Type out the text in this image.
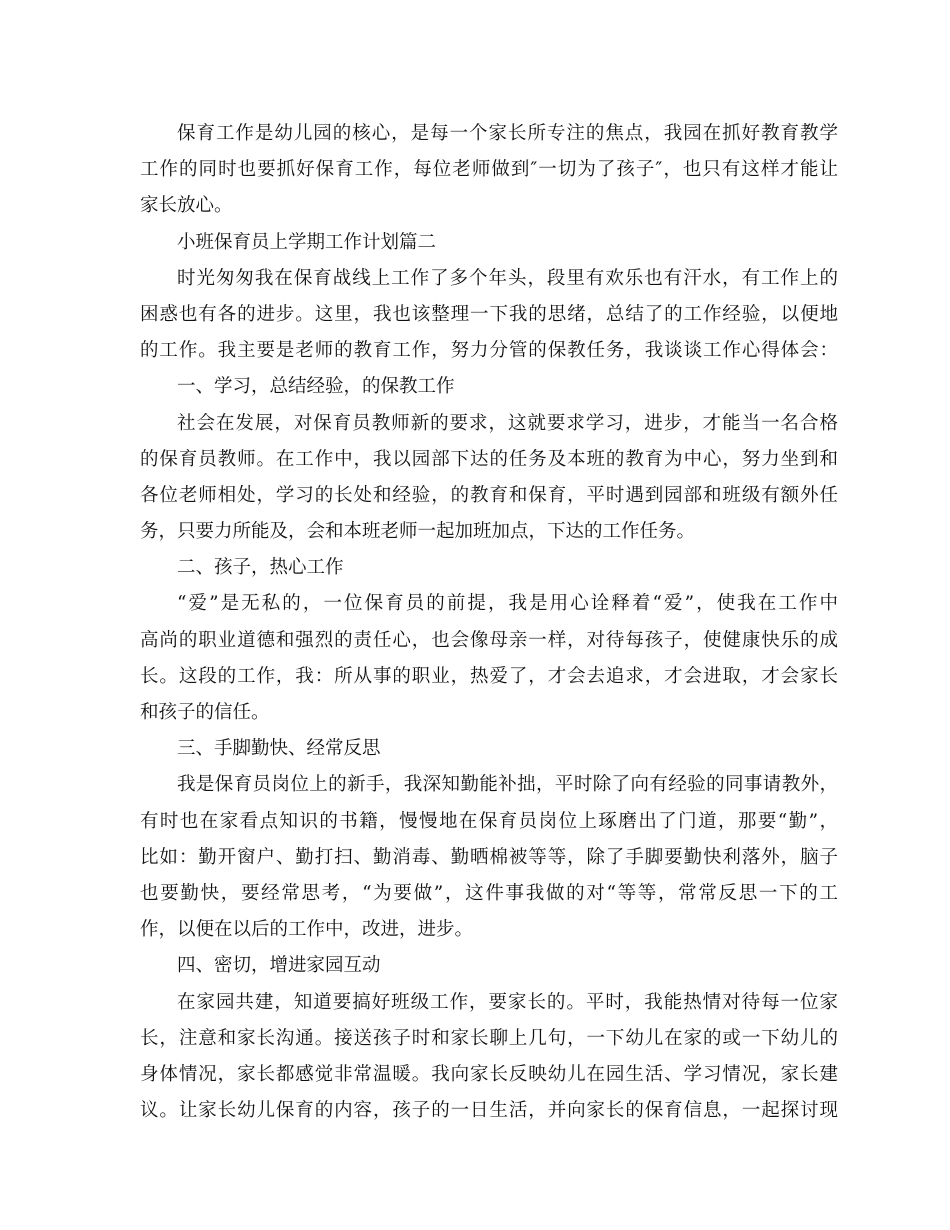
保育工作是幼儿园的核心，是每一个家长所专注的焦点，我园在抓好教育教学
工作的同时也要抓好保育工作，每位老师做到″一切为了孩子″，也只有这样才能让
家长放心。
小班保育员上学期工作计划篇二
时光匆匆我在保育战线上工作了多个年头，段里有欢乐也有汗水，有工作上的
困惑也有各的进步。这里，我也该整理一下我的思绪，总结了的工作经验，以便地
的工作。我主要是老师的教育工作，努力分管的保教任务，我谈谈工作心得体会：
一、学习，总结经验，的保教工作
社会在发展，对保育员教师新的要求，这就要求学习，进步，才能当一名合格
的保育员教师。在工作中，我以园部下达的任务及本班的教育为中心，努力坐到和
各位老师相处，学习的长处和经验，的教育和保育，平时遇到园部和班级有额外任
务，只要力所能及，会和本班老师一起加班加点，下达的工作任务。
二、孩子，热心工作
“爱”是无私的，一位保育员的前提，我是用心诠释着“爱”，使我在工作中
高尚的职业道德和强烈的责任心，也会像母亲一样，对待每孩子，使健康快乐的成
长。这段的工作，我：所从事的职业，热爱了，才会去追求，才会进取，才会家长
和孩子的信任。
三、手脚勤快、经常反思
我是保育员岗位上的新手，我深知勤能补拙，平时除了向有经验的同事请教外，
有时也在家看点知识的书籍，慢慢地在保育员岗位上琢磨出了门道，那要“勤”，
比如：勤开窗户、勤打扫、勤消毒、勤晒棉被等等，除了手脚要勤快利落外，脑子
也要勤快，要经常思考，“为要做”，这件事我做的对“等等，常常反思一下的工
作，以便在以后的工作中，改进，进步。
四、密切，增进家园互动
在家园共建，知道要搞好班级工作，要家长的。平时，我能热情对待每一位家
长，注意和家长沟通。接送孩子时和家长聊上几句，一下幼儿在家的或一下幼儿的
身体情况，家长都感觉非常温暖。我向家长反映幼儿在园生活、学习情况，家长建
议。让家长幼儿保育的内容，孩子的一日生活，并向家长的保育信息，一起探讨现
